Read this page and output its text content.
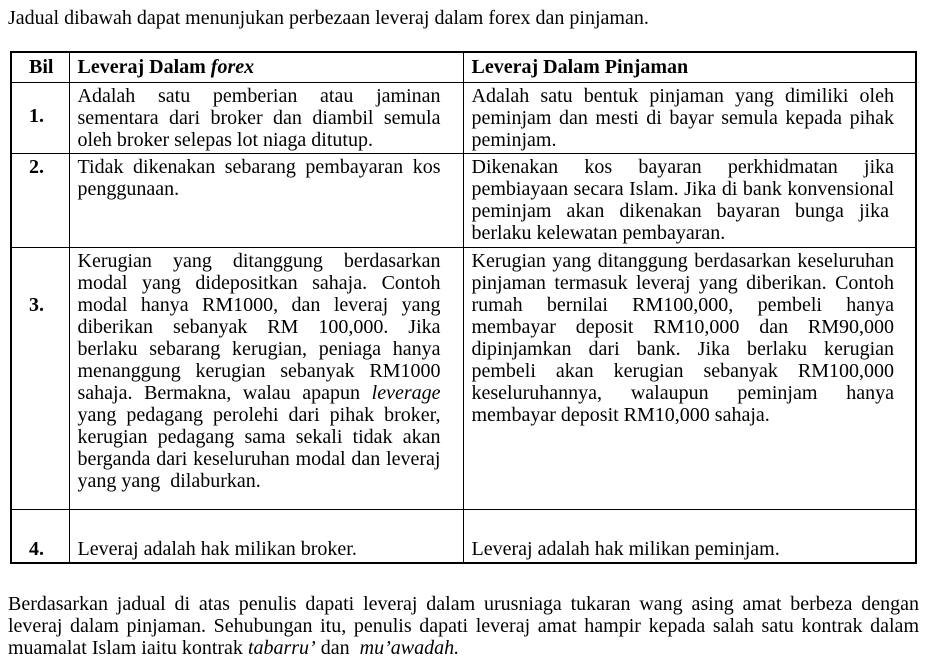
Jadual dibawah dapat menunjukan perbezaan leveraj dalam forex dan pinjaman.

Bil	Leveraj Dalam forex	Leveraj Dalam Pinjaman
1.	Adalah satu pemberian atau jaminan sementara dari broker dan diambil semula oleh broker selepas lot niaga ditutup.	Adalah satu bentuk pinjaman yang dimiliki oleh peminjam dan mesti di bayar semula kepada pihak peminjam.
2.	Tidak dikenakan sebarang pembayaran kos penggunaan.	Dikenakan kos bayaran perkhidmatan jika pembiayaan secara Islam. Jika di bank konvensional peminjam akan dikenakan bayaran bunga jika  berlaku kelewatan pembayaran.
3.	Kerugian yang ditanggung berdasarkan modal yang didepositkan sahaja. Contoh modal hanya RM1000, dan leveraj yang diberikan sebanyak RM 100,000. Jika berlaku sebarang kerugian, peniaga hanya menanggung kerugian sebanyak RM1000 sahaja. Bermakna, walau apapun leverage yang pedagang perolehi dari pihak broker, kerugian pedagang sama sekali tidak akan berganda dari keseluruhan modal dan leveraj yang yang  dilaburkan.	Kerugian yang ditanggung berdasarkan keseluruhan pinjaman termasuk leveraj yang diberikan. Contoh rumah bernilai RM100,000, pembeli hanya membayar deposit RM10,000 dan RM90,000 dipinjamkan dari bank. Jika berlaku kerugian pembeli akan kerugian sebanyak RM100,000 keseluruhannya, walaupun peminjam hanya membayar deposit RM10,000 sahaja.
4.	Leveraj adalah hak milikan broker.	Leveraj adalah hak milikan peminjam.

Berdasarkan jadual di atas penulis dapati leveraj dalam urusniaga tukaran wang asing amat berbeza dengan leveraj dalam pinjaman. Sehubungan itu, penulis dapati leveraj amat hampir kepada salah satu kontrak dalam muamalat Islam iaitu kontrak tabarru’ dan  mu’awadah.
